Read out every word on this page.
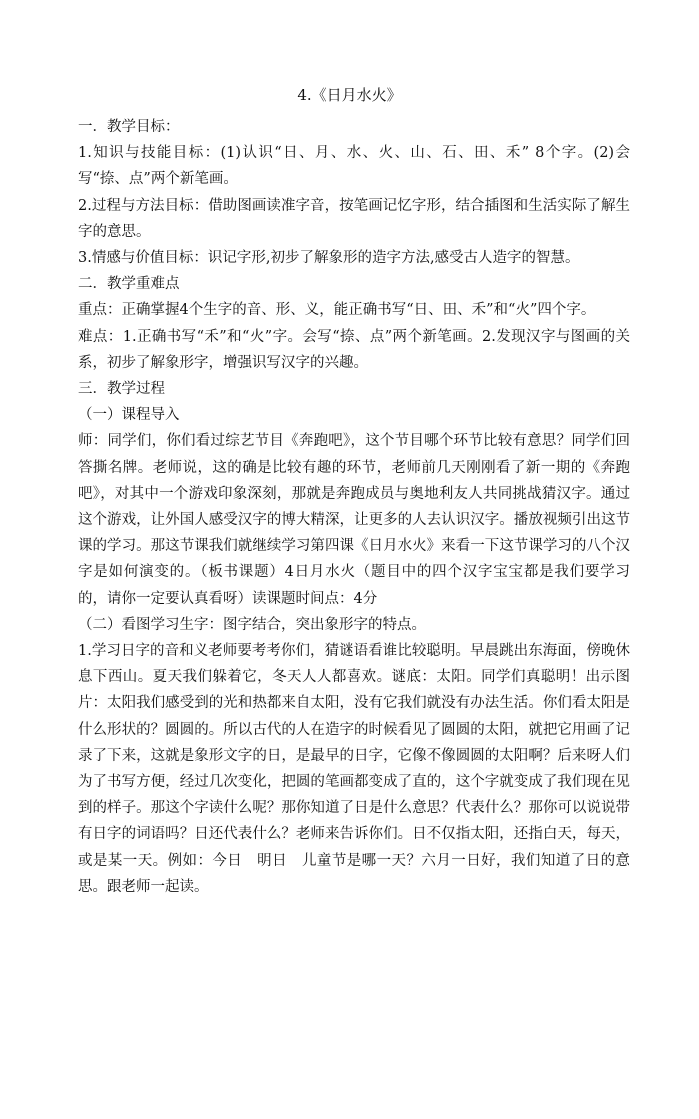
4.《日月水火》

一．教学目标：

1.知识与技能目标：(1)认识“日、月、水、火、山、石、田、禾” 8个字。(2)会写“捺、点”两个新笔画。

2.过程与方法目标：借助图画读准字音，按笔画记忆字形，结合插图和生活实际了解生字的意思。

3.情感与价值目标：识记字形,初步了解象形的造字方法,感受古人造字的智慧。

二．教学重难点

重点：正确掌握4个生字的音、形、义，能正确书写“日、田、禾”和“火”四个字。

难点：1.正确书写“禾”和“火”字。会写“捺、点”两个新笔画。2.发现汉字与图画的关系，初步了解象形字，增强识写汉字的兴趣。

三．教学过程

（一）课程导入

师：同学们，你们看过综艺节目《奔跑吧》，这个节目哪个环节比较有意思？同学们回答撕名牌。老师说，这的确是比较有趣的环节，老师前几天刚刚看了新一期的《奔跑吧》，对其中一个游戏印象深刻，那就是奔跑成员与奥地利友人共同挑战猜汉字。通过这个游戏，让外国人感受汉字的博大精深，让更多的人去认识汉字。播放视频引出这节课的学习。那这节课我们就继续学习第四课《日月水火》来看一下这节课学习的八个汉字是如何演变的。（板书课题）4日月水火（题目中的四个汉字宝宝都是我们要学习的，请你一定要认真看呀）读课题时间点：4分

（二）看图学习生字：图字结合，突出象形字的特点。

1.学习日字的音和义老师要考考你们，猜谜语看谁比较聪明。早晨跳出东海面，傍晚休息下西山。夏天我们躲着它，冬天人人都喜欢。谜底：太阳。同学们真聪明！出示图片：太阳我们感受到的光和热都来自太阳，没有它我们就没有办法生活。你们看太阳是什么形状的？圆圆的。所以古代的人在造字的时候看见了圆圆的太阳，就把它用画了记录了下来，这就是象形文字的日，是最早的日字，它像不像圆圆的太阳啊？后来呀人们为了书写方便，经过几次变化，把圆的笔画都变成了直的，这个字就变成了我们现在见到的样子。那这个字读什么呢？那你知道了日是什么意思？代表什么？那你可以说说带有日字的词语吗？日还代表什么？老师来告诉你们。日不仅指太阳，还指白天，每天，或是某一天。例如：今日　明日　儿童节是哪一天？六月一日好，我们知道了日的意思。跟老师一起读。
